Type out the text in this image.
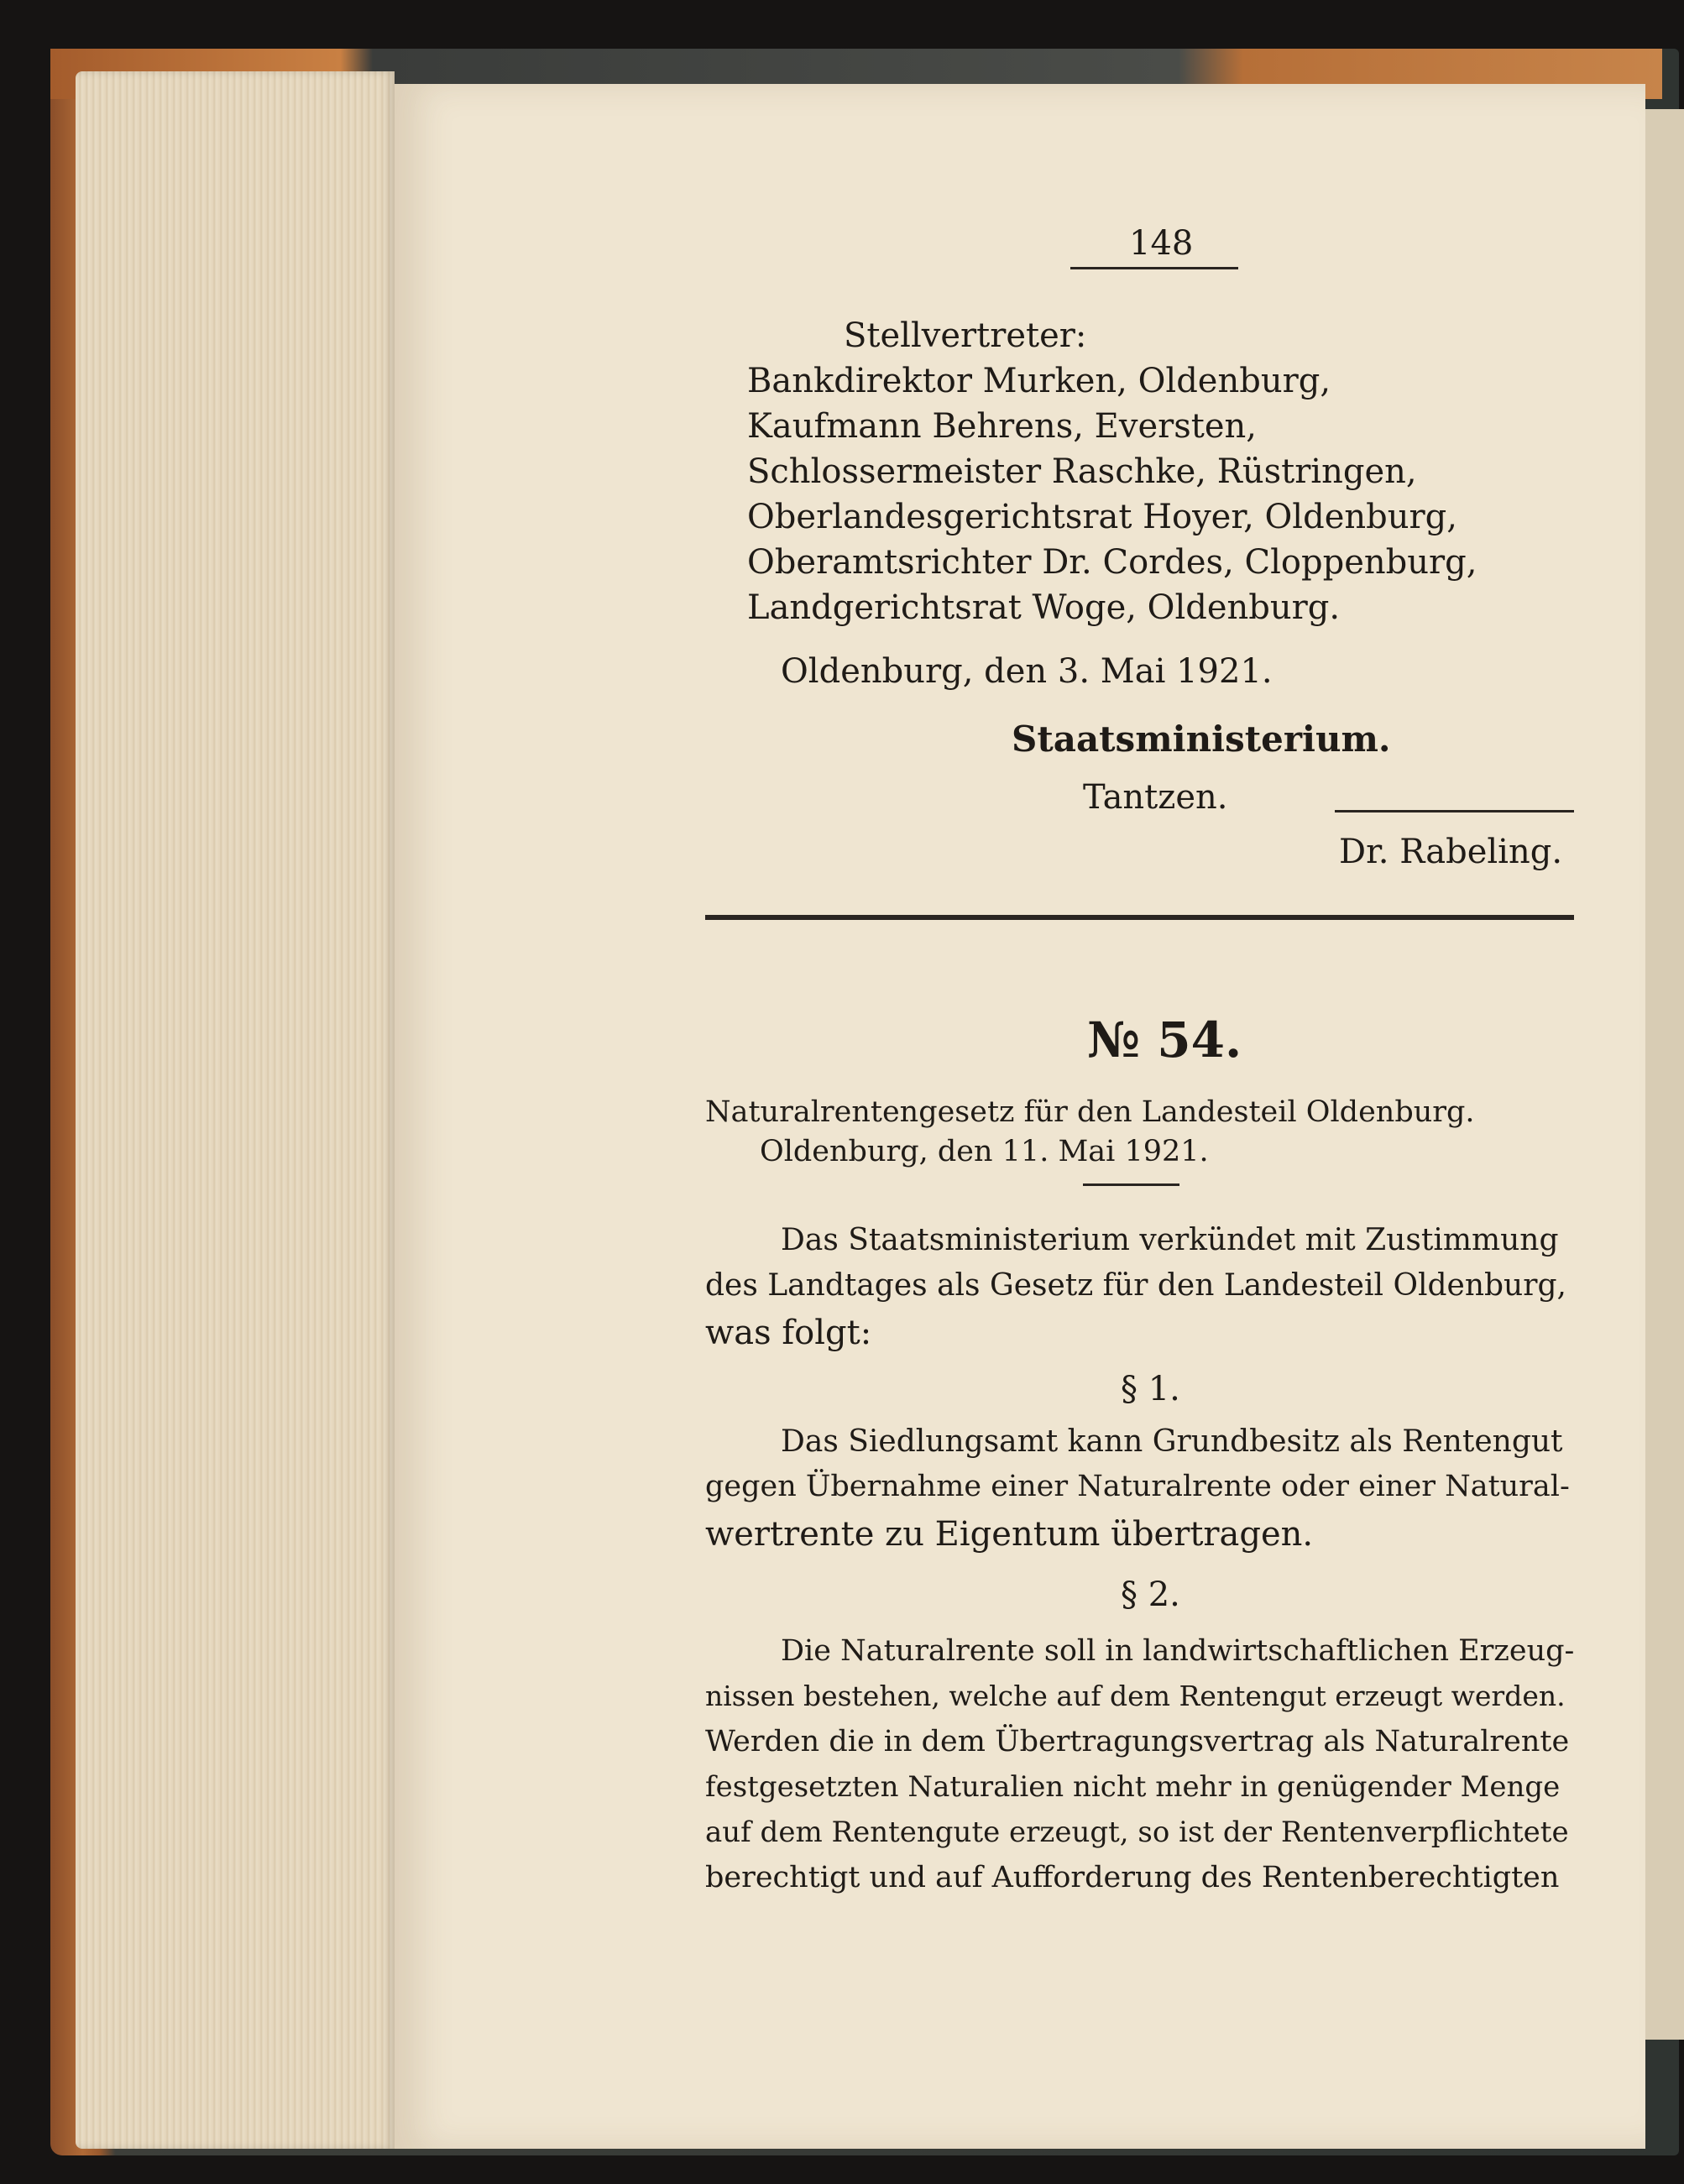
148
Stellvertreter:
Bankdirektor Murken, Oldenburg,
Kaufmann Behrens, Eversten,
Schlossermeister Raschke, Rüstringen,
Oberlandesgerichtsrat Hoyer, Oldenburg,
Oberamtsrichter Dr. Cordes, Cloppenburg,
Landgerichtsrat Woge, Oldenburg.
Oldenburg, den 3. Mai 1921.
Staatsministerium.
Tantzen.
Dr. Rabeling.
№ 54.
Naturalrentengesetz für den Landesteil Oldenburg.
Oldenburg, den 11. Mai 1921.
Das Staatsministerium verkündet mit Zustimmung
des Landtages als Gesetz für den Landesteil Oldenburg,
was folgt:
§ 1.
Das Siedlungsamt kann Grundbesitz als Rentengut
gegen Übernahme einer Naturalrente oder einer Natural-
wertrente zu Eigentum übertragen.
§ 2.
Die Naturalrente soll in landwirtschaftlichen Erzeug-
nissen bestehen, welche auf dem Rentengut erzeugt werden.
Werden die in dem Übertragungsvertrag als Naturalrente
festgesetzten Naturalien nicht mehr in genügender Menge
auf dem Rentengute erzeugt, so ist der Rentenverpflichtete
berechtigt und auf Aufforderung des Rentenberechtigten
